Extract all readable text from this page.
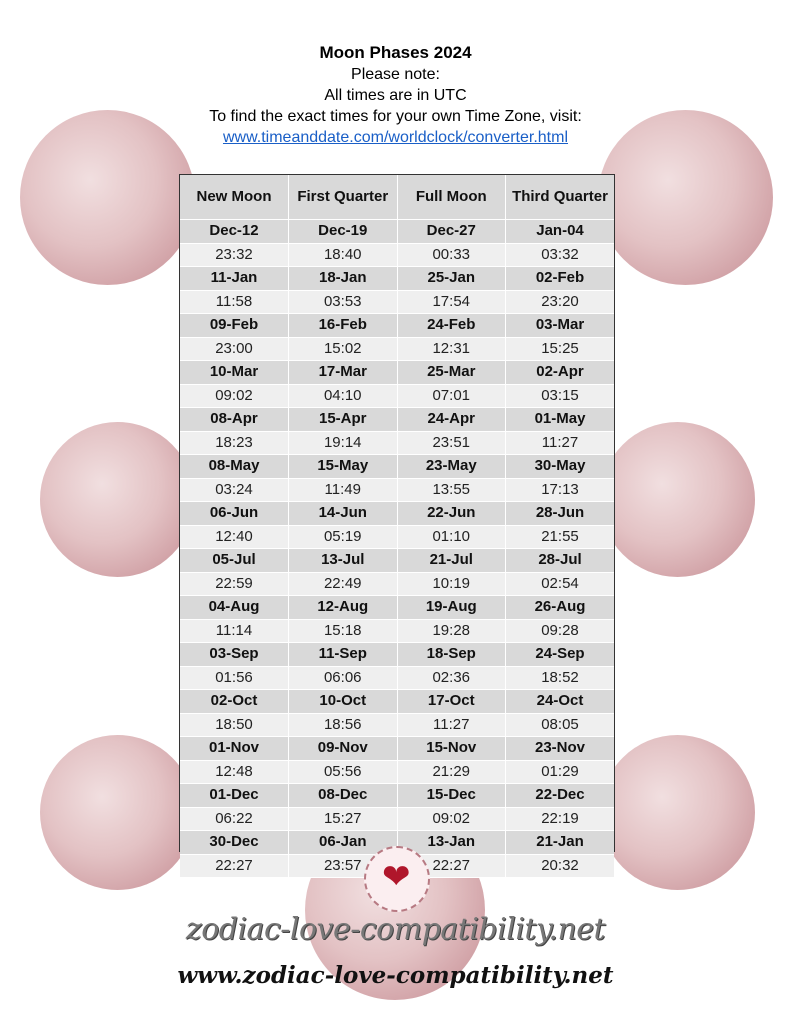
Moon Phases 2024
Please note:
All times are in UTC
To find the exact times for your own Time Zone, visit:
www.timeanddate.com/worldclock/converter.html
New Moon	First Quarter	Full Moon	Third Quarter
Dec-12	Dec-19	Dec-27	Jan-04
23:32	18:40	00:33	03:32
11-Jan	18-Jan	25-Jan	02-Feb
11:58	03:53	17:54	23:20
09-Feb	16-Feb	24-Feb	03-Mar
23:00	15:02	12:31	15:25
10-Mar	17-Mar	25-Mar	02-Apr
09:02	04:10	07:01	03:15
08-Apr	15-Apr	24-Apr	01-May
18:23	19:14	23:51	11:27
08-May	15-May	23-May	30-May
03:24	11:49	13:55	17:13
06-Jun	14-Jun	22-Jun	28-Jun
12:40	05:19	01:10	21:55
05-Jul	13-Jul	21-Jul	28-Jul
22:59	22:49	10:19	02:54
04-Aug	12-Aug	19-Aug	26-Aug
11:14	15:18	19:28	09:28
03-Sep	11-Sep	18-Sep	24-Sep
01:56	06:06	02:36	18:52
02-Oct	10-Oct	17-Oct	24-Oct
18:50	18:56	11:27	08:05
01-Nov	09-Nov	15-Nov	23-Nov
12:48	05:56	21:29	01:29
01-Dec	08-Dec	15-Dec	22-Dec
06:22	15:27	09:02	22:19
30-Dec	06-Jan	13-Jan	21-Jan
22:27	23:57	22:27	20:32
❤
zodiac-love-compatibility.net
www.zodiac-love-compatibility.net
